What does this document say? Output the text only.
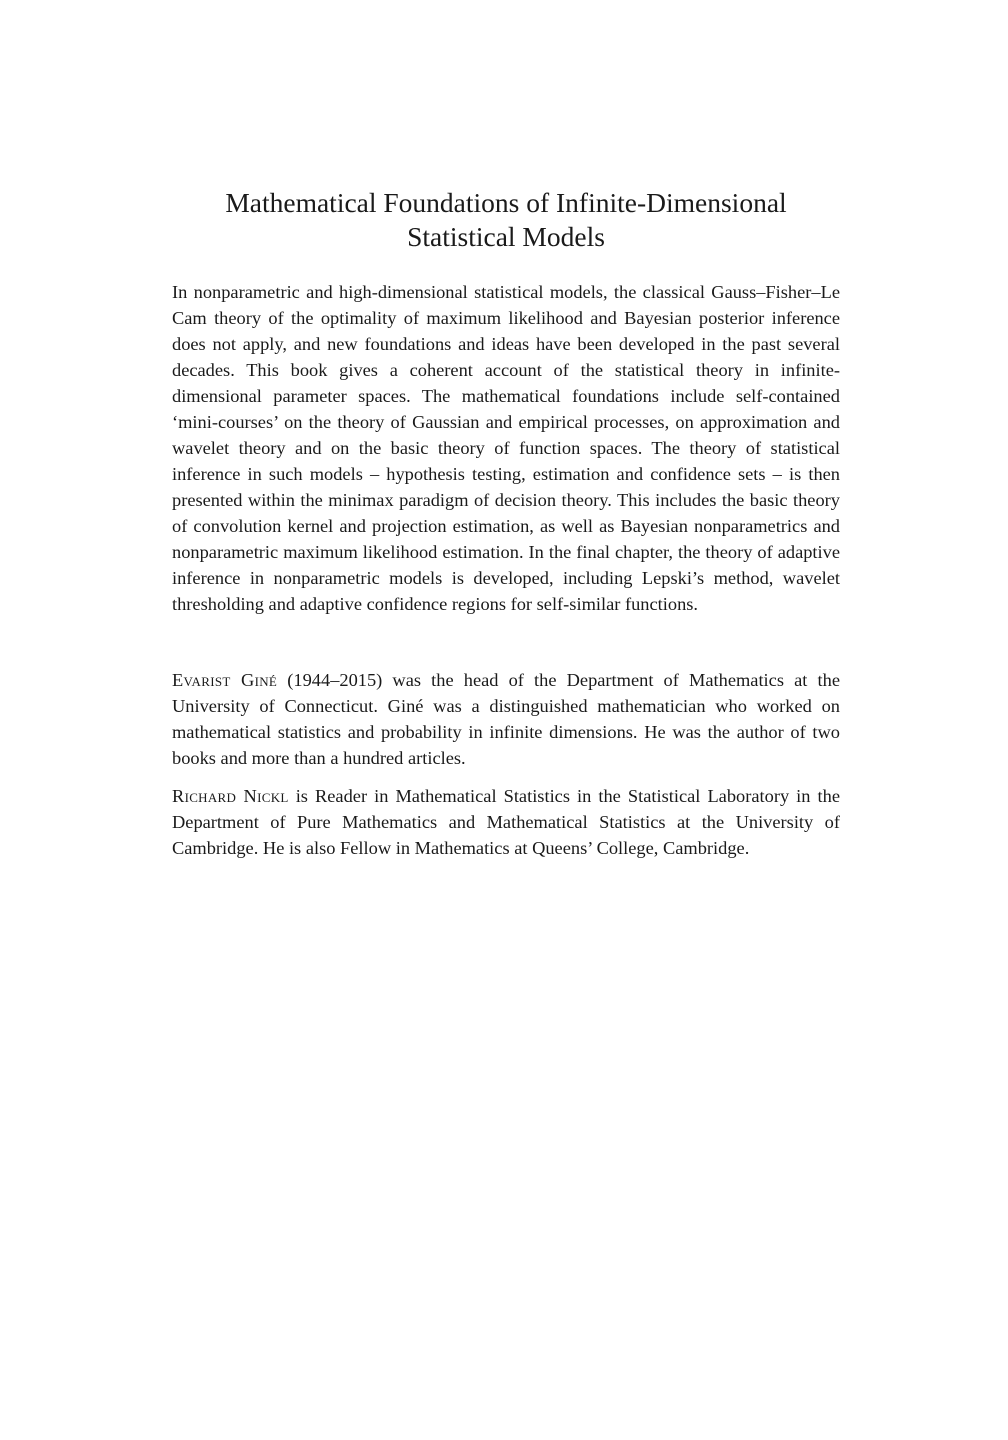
Mathematical Foundations of Infinite-Dimensional
Statistical Models

In nonparametric and high-dimensional statistical models, the classical Gauss–Fisher–Le Cam theory of the optimality of maximum likelihood and Bayesian posterior inference does not apply, and new foundations and ideas have been developed in the past several decades. This book gives a coherent account of the statistical theory in infinite-dimensional parameter spaces. The mathematical foundations include self-contained ‘mini-courses’ on the theory of Gaussian and empirical processes, on approximation and wavelet theory and on the basic theory of function spaces. The theory of statistical inference in such models – hypothesis testing, estimation and confidence sets – is then presented within the minimax paradigm of decision theory. This includes the basic theory of convolution kernel and projection estimation, as well as Bayesian nonparametrics and nonparametric maximum likelihood estimation. In the final chapter, the theory of adaptive inference in nonparametric models is developed, including Lepski’s method, wavelet thresholding and adaptive confidence regions for self-similar functions.

Evarist Giné (1944–2015) was the head of the Department of Mathematics at the University of Connecticut. Giné was a distinguished mathematician who worked on mathematical statistics and probability in infinite dimensions. He was the author of two books and more than a hundred articles.

Richard Nickl is Reader in Mathematical Statistics in the Statistical Laboratory in the Department of Pure Mathematics and Mathematical Statistics at the University of Cambridge. He is also Fellow in Mathematics at Queens’ College, Cambridge.
